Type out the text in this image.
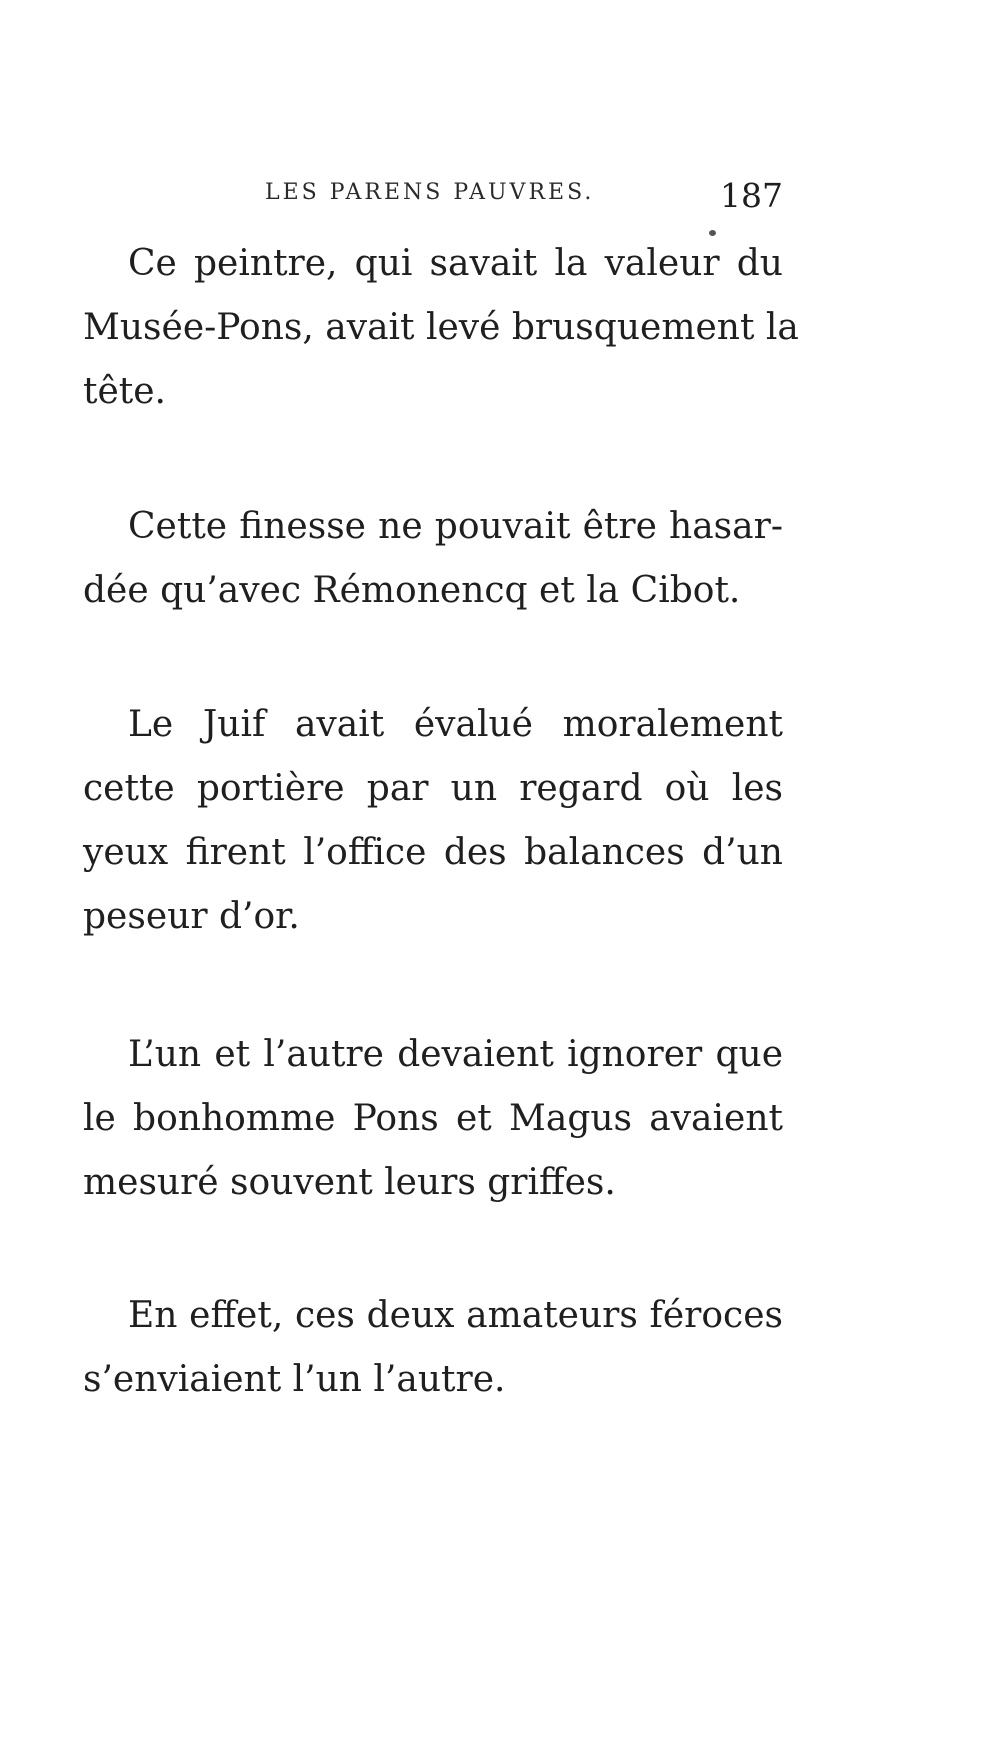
LES PARENS PAUVRES.	187
Ce peintre, qui savait la valeur du
Musée-Pons, avait levé brusquement la
tête.
Cette finesse ne pouvait être hasar-
dée qu’avec Rémonencq et la Cibot.
Le Juif avait évalué moralement
cette portière par un regard où les
yeux firent l’office des balances d’un
peseur d’or.
L’un et l’autre devaient ignorer que
le bonhomme Pons et Magus avaient
mesuré souvent leurs griffes.
En effet, ces deux amateurs féroces
s’enviaient l’un l’autre.
